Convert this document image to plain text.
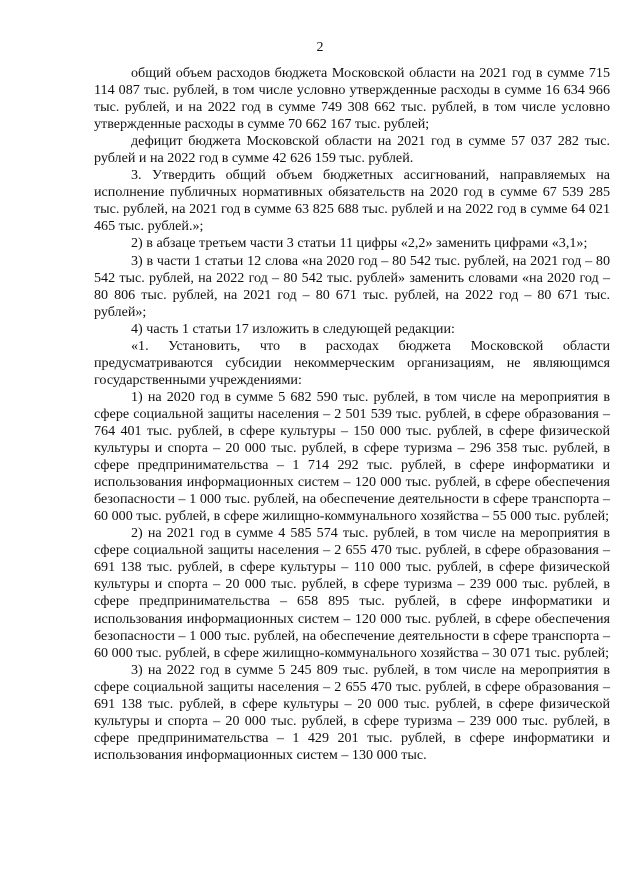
2

общий объем расходов бюджета Московской области на 2021 год в сумме 715 114 087 тыс. рублей, в том числе условно утвержденные расходы в сумме 16 634 966 тыс. рублей, и на 2022 год в сумме 749 308 662 тыс. рублей, в том числе условно утвержденные расходы в сумме 70 662 167 тыс. рублей;

дефицит бюджета Московской области на 2021 год в сумме 57 037 282 тыс. рублей и на 2022 год в сумме 42 626 159 тыс. рублей.

3. Утвердить общий объем бюджетных ассигнований, направляемых на исполнение публичных нормативных обязательств на 2020 год в сумме 67 539 285 тыс. рублей, на 2021 год в сумме 63 825 688 тыс. рублей и на 2022 год в сумме 64 021 465 тыс. рублей.»;

2) в абзаце третьем части 3 статьи 11 цифры «2,2» заменить цифрами «3,1»;

3) в части 1 статьи 12 слова «на 2020 год – 80 542 тыс. рублей, на 2021 год – 80 542 тыс. рублей, на 2022 год – 80 542 тыс. рублей» заменить словами «на 2020 год – 80 806 тыс. рублей, на 2021 год – 80 671 тыс. рублей, на 2022 год – 80 671 тыс. рублей»;

4) часть 1 статьи 17 изложить в следующей редакции:

«1. Установить, что в расходах бюджета Московской области предусматриваются субсидии некоммерческим организациям, не являющимся государственными учреждениями:

1) на 2020 год в сумме 5 682 590 тыс. рублей, в том числе на мероприятия в сфере социальной защиты населения – 2 501 539 тыс. рублей, в сфере образования – 764 401 тыс. рублей, в сфере культуры – 150 000 тыс. рублей, в сфере физической культуры и спорта – 20 000 тыс. рублей, в сфере туризма – 296 358 тыс. рублей, в сфере предпринимательства – 1 714 292 тыс. рублей, в сфере информатики и использования информационных систем – 120 000 тыс. рублей, в сфере обеспечения безопасности – 1 000 тыс. рублей, на обеспечение деятельности в сфере транспорта – 60 000 тыс. рублей, в сфере жилищно-коммунального хозяйства – 55 000 тыс. рублей;

2) на 2021 год в сумме 4 585 574 тыс. рублей, в том числе на мероприятия в сфере социальной защиты населения – 2 655 470 тыс. рублей, в сфере образования – 691 138 тыс. рублей, в сфере культуры – 110 000 тыс. рублей, в сфере физической культуры и спорта – 20 000 тыс. рублей, в сфере туризма – 239 000 тыс. рублей, в сфере предпринимательства – 658 895 тыс. рублей, в сфере информатики и использования информационных систем – 120 000 тыс. рублей, в сфере обеспечения безопасности – 1 000 тыс. рублей, на обеспечение деятельности в сфере транспорта – 60 000 тыс. рублей, в сфере жилищно-коммунального хозяйства – 30 071 тыс. рублей;

3) на 2022 год в сумме 5 245 809 тыс. рублей, в том числе на мероприятия в сфере социальной защиты населения – 2 655 470 тыс. рублей, в сфере образования – 691 138 тыс. рублей, в сфере культуры – 20 000 тыс. рублей, в сфере физической культуры и спорта – 20 000 тыс. рублей, в сфере туризма – 239 000 тыс. рублей, в сфере предпринимательства – 1 429 201 тыс. рублей, в сфере информатики и использования информационных систем – 130 000 тыс.
